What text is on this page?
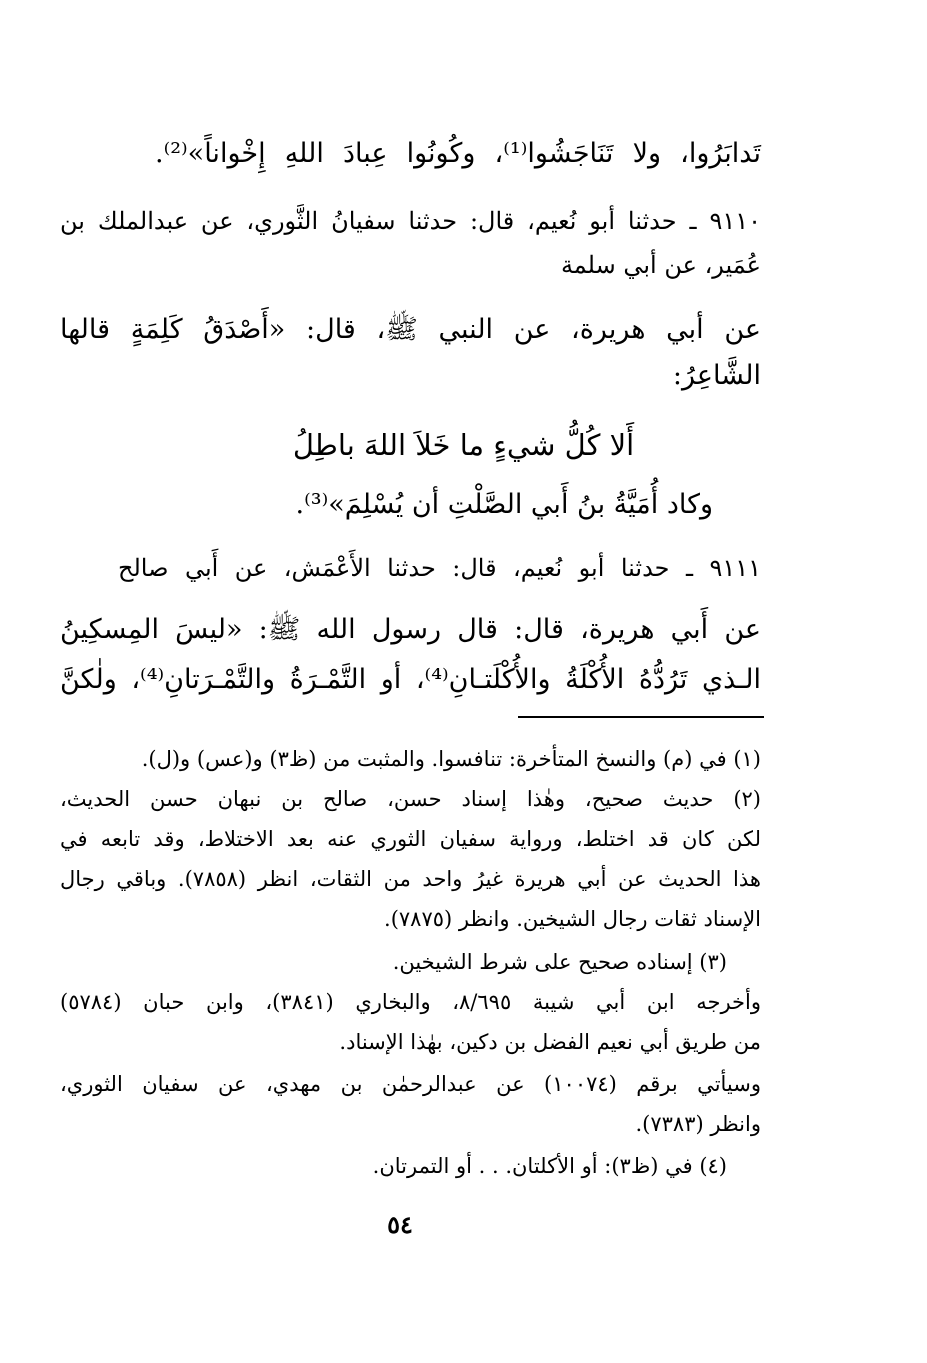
تَدابَرُوا، ولا تَنَاجَشُوا⁽¹⁾، وكُونُوا عِبادَ اللهِ إِخْواناً»⁽²⁾.
٩١١٠ ـ حدثنا أبو نُعيم، قال: حدثنا سفيانُ الثَّوري، عن عبدالملك بن
عُمَير، عن أبي سلمة
عن أبي هريرة، عن النبي ﷺ، قال: «أَصْدَقُ كَلِمَةٍ قالها
الشَّاعِرُ:
أَلا كُلُّ شيءٍ ما خَلاَ اللهَ باطِلُ
وكاد أُمَيَّةُ بنُ أَبي الصَّلْتِ أن يُسْلِمَ»⁽³⁾.
٩١١١ ـ حدثنا أبو نُعيم، قال: حدثنا الأَعْمَش، عن أَبي صالح
عن أَبي هريرة، قال: قال رسول الله ﷺ: «ليسَ المِسكِينُ
الـذي تَرُدُّهُ الأُكْلَةُ والأُكْلَتـانِ⁽⁴⁾، أو التَّمْـرَةُ والتَّمْـرَتانِ⁽⁴⁾، ولٰكنَّ
(١) في (م) والنسخ المتأخرة: تنافسوا. والمثبت من (ظ٣) و(عس) و(ل).
(٢) حديث صحيح، وهٰذا إسناد حسن، صالح بن نبهان حسن الحديث،
لكن كان قد اختلط، ورواية سفيان الثوري عنه بعد الاختلاط، وقد تابعه في
هذا الحديث عن أبي هريرة غيرُ واحد من الثقات، انظر (٧٨٥٨). وباقي رجال
الإسناد ثقات رجال الشيخين. وانظر (٧٨٧٥).
(٣) إسناده صحيح على شرط الشيخين.
وأخرجه ابن أبي شيبة ٨/٦٩٥، والبخاري (٣٨٤١)، وابن حبان (٥٧٨٤)
من طريق أبي نعيم الفضل بن دكين، بهٰذا الإسناد.
وسيأتي برقم (١٠٠٧٤) عن عبدالرحمٰن بن مهدي، عن سفيان الثوري،
وانظر (٧٣٨٣).
(٤) في (ظ٣): أو الأكلتان. . . أو التمرتان.
٥٤
